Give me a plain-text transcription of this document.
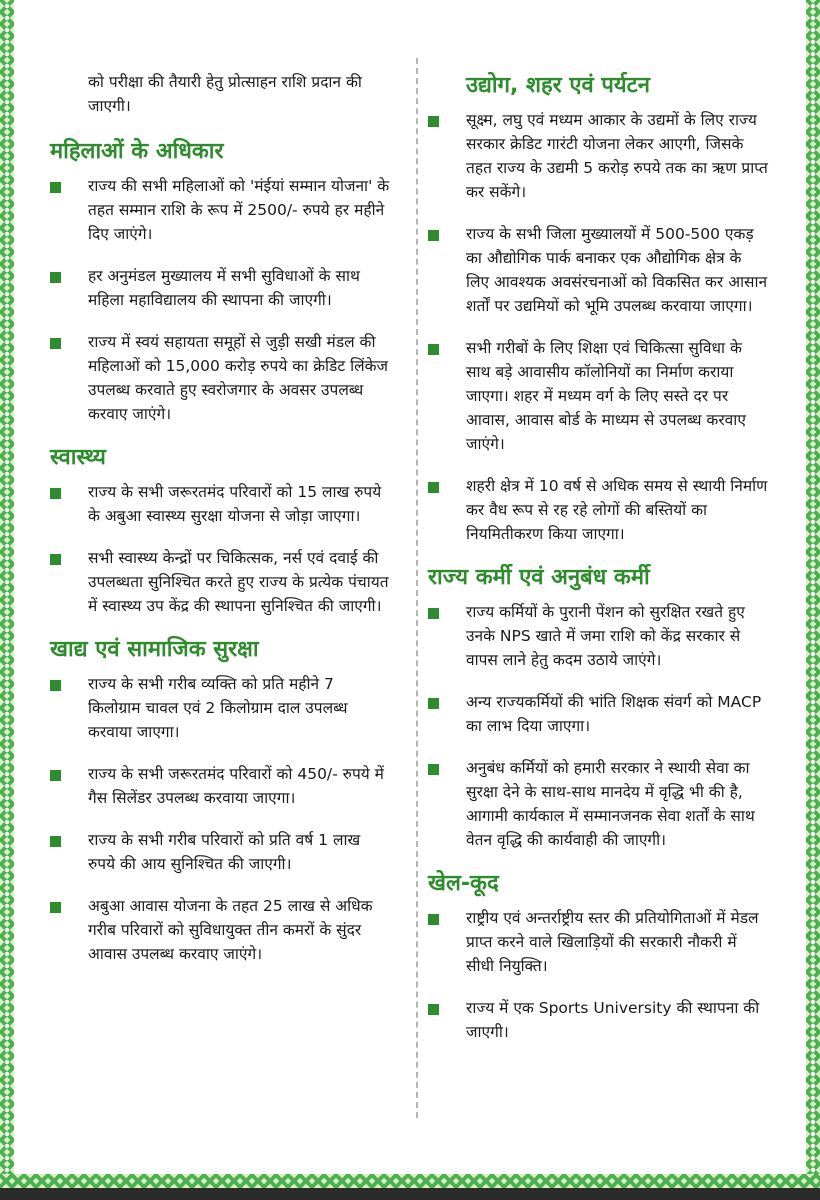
को परीक्षा की तैयारी हेतु प्रोत्साहन राशि प्रदान की जाएगी।

महिलाओं के अधिकार
राज्य की सभी महिलाओं को 'मंईयां सम्मान योजना' के तहत सम्मान राशि के रूप में 2500/- रुपये हर महीने दिए जाएंगे।
हर अनुमंडल मुख्यालय में सभी सुविधाओं के साथ महिला महाविद्यालय की स्थापना की जाएगी।
राज्य में स्वयं सहायता समूहों से जुड़ी सखी मंडल की महिलाओं को 15,000 करोड़ रुपये का क्रेडिट लिंकेज उपलब्ध करवाते हुए स्वरोजगार के अवसर उपलब्ध करवाए जाएंगे।
स्वास्थ्य
राज्य के सभी जरूरतमंद परिवारों को 15 लाख रुपये के अबुआ स्वास्थ्य सुरक्षा योजना से जोड़ा जाएगा।
सभी स्वास्थ्य केन्द्रों पर चिकित्सक, नर्स एवं दवाई की उपलब्धता सुनिश्चित करते हुए राज्य के प्रत्येक पंचायत में स्वास्थ्य उप केंद्र की स्थापना सुनिश्चित की जाएगी।
खाद्य एवं सामाजिक सुरक्षा
राज्य के सभी गरीब व्यक्ति को प्रति महीने 7 किलोग्राम चावल एवं 2 किलोग्राम दाल उपलब्ध करवाया जाएगा।
राज्य के सभी जरूरतमंद परिवारों को 450/- रुपये में गैस सिलेंडर उपलब्ध करवाया जाएगा।
राज्य के सभी गरीब परिवारों को प्रति वर्ष 1 लाख रुपये की आय सुनिश्चित की जाएगी।
अबुआ आवास योजना के तहत 25 लाख से अधिक गरीब परिवारों को सुविधायुक्त तीन कमरों के सुंदर आवास उपलब्ध करवाए जाएंगे।
उद्योग, शहर एवं पर्यटन
सूक्ष्म, लघु एवं मध्यम आकार के उद्यमों के लिए राज्य सरकार क्रेडिट गारंटी योजना लेकर आएगी, जिसके तहत राज्य के उद्यमी 5 करोड़ रुपये तक का ऋण प्राप्त कर सकेंगे।
राज्य के सभी जिला मुख्यालयों में 500-500 एकड़ का औद्योगिक पार्क बनाकर एक औद्योगिक क्षेत्र के लिए आवश्यक अवसंरचनाओं को विकसित कर आसान शर्तों पर उद्यमियों को भूमि उपलब्ध करवाया जाएगा।
सभी गरीबों के लिए शिक्षा एवं चिकित्सा सुविधा के साथ बड़े आवासीय कॉलोनियों का निर्माण कराया जाएगा। शहर में मध्यम वर्ग के लिए सस्ते दर पर आवास, आवास बोर्ड के माध्यम से उपलब्ध करवाए जाएंगे।
शहरी क्षेत्र में 10 वर्ष से अधिक समय से स्थायी निर्माण कर वैध रूप से रह रहे लोगों की बस्तियों का नियमितीकरण किया जाएगा।
राज्य कर्मी एवं अनुबंध कर्मी
राज्य कर्मियों के पुरानी पेंशन को सुरक्षित रखते हुए उनके NPS खाते में जमा राशि को केंद्र सरकार से वापस लाने हेतु कदम उठाये जाएंगे।
अन्य राज्यकर्मियों की भांति शिक्षक संवर्ग को MACP का लाभ दिया जाएगा।
अनुबंध कर्मियों को हमारी सरकार ने स्थायी सेवा का सुरक्षा देने के साथ-साथ मानदेय में वृद्धि भी की है, आगामी कार्यकाल में सम्मानजनक सेवा शर्तों के साथ वेतन वृद्धि की कार्यवाही की जाएगी।
खेल-कूद
राष्ट्रीय एवं अन्तर्राष्ट्रीय स्तर की प्रतियोगिताओं में मेडल प्राप्त करने वाले खिलाड़ियों की सरकारी नौकरी में सीधी नियुक्ति।
राज्य में एक Sports University की स्थापना की जाएगी।
